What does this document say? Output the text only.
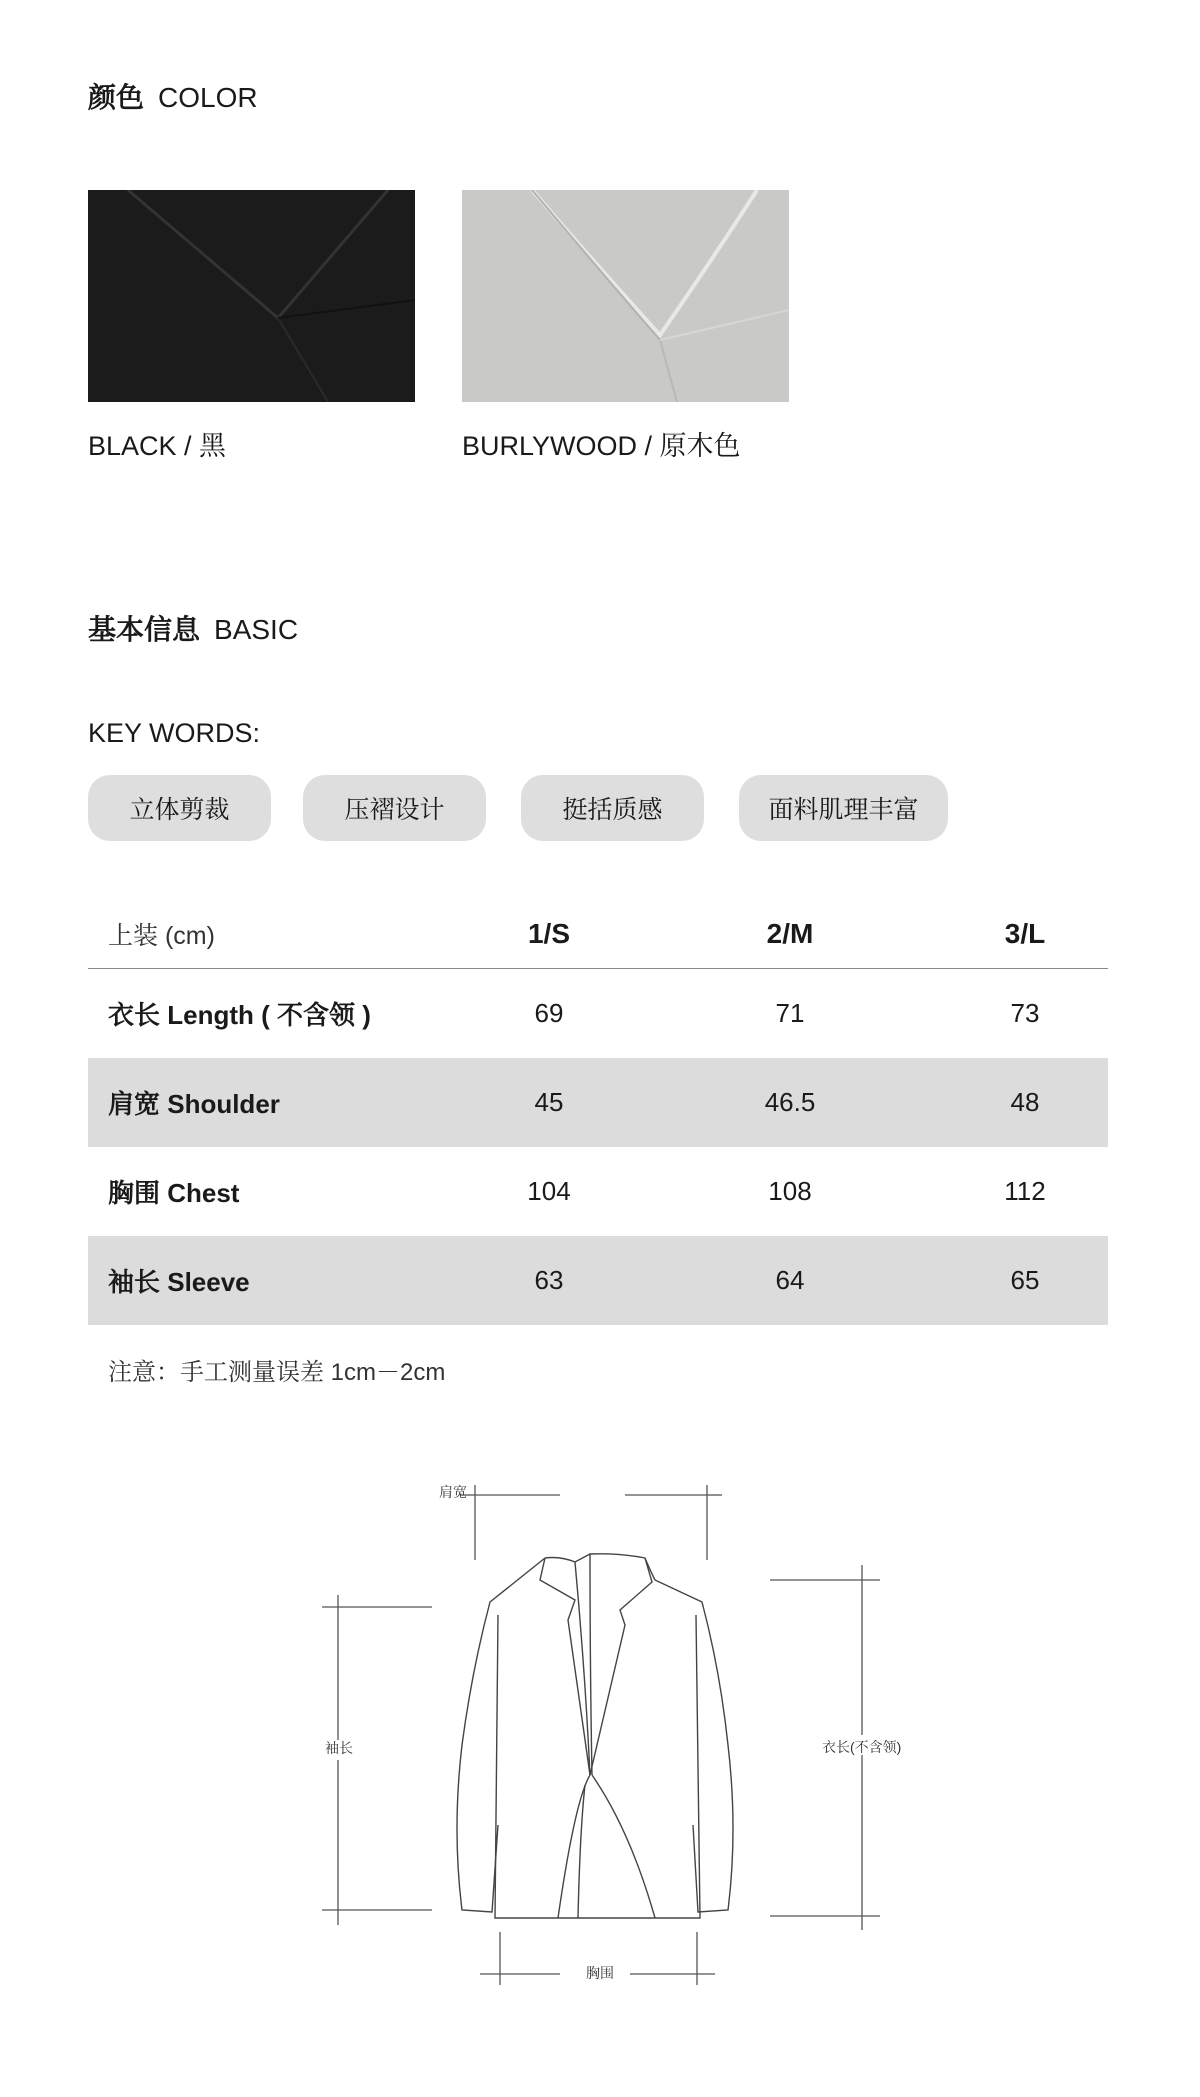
颜色 COLOR
BLACK / 黑	BURLYWOOD / 原木色
基本信息 BASIC
KEY WORDS:
立体剪裁	压褶设计	挺括质感	面料肌理丰富
上装 (cm)	1/S	2/M	3/L
衣长 Length ( 不含领 )	69	71	73
肩宽 Shoulder	45	46.5	48
胸围 Chest	104	108	112
袖长 Sleeve	63	64	65
注意：手工测量误差 1cm－2cm
肩宽
袖长	衣长(不含领)
胸围
